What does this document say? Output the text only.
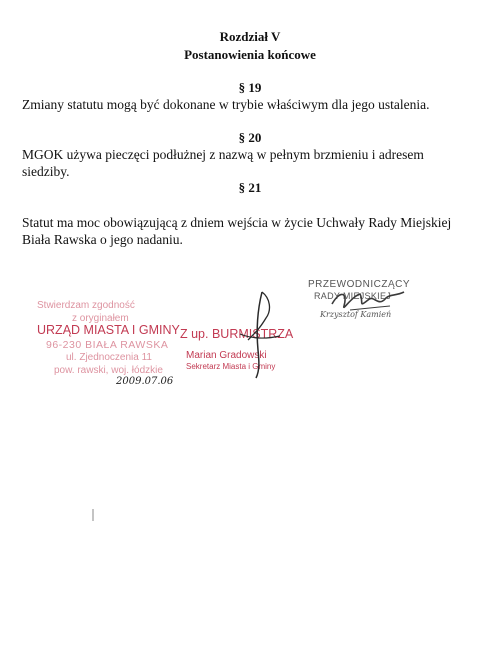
Rozdział V
Postanowienia końcowe
§ 19
Zmiany statutu mogą być dokonane w trybie właściwym dla jego ustalenia.
§ 20
MGOK używa pieczęci podłużnej z nazwą w pełnym brzmieniu i adresem siedziby.
§ 21
Statut ma moc obowiązującą z dniem wejścia w życie Uchwały Rady Miejskiej Biała Rawska o jego nadaniu.
PRZEWODNICZĄCY
RADY MIEJSKIEJ
Krzysztof Kamień
Stwierdzam zgodność
z oryginałem
URZĄD MIASTA I GMINY
96-230 BIAŁA RAWSKA
ul. Zjednoczenia 11
pow. rawski, woj. łódzkie
2009.07.06
Z up. BURMISTRZA
Marian Gradowski
Sekretarz Miasta i Gminy
